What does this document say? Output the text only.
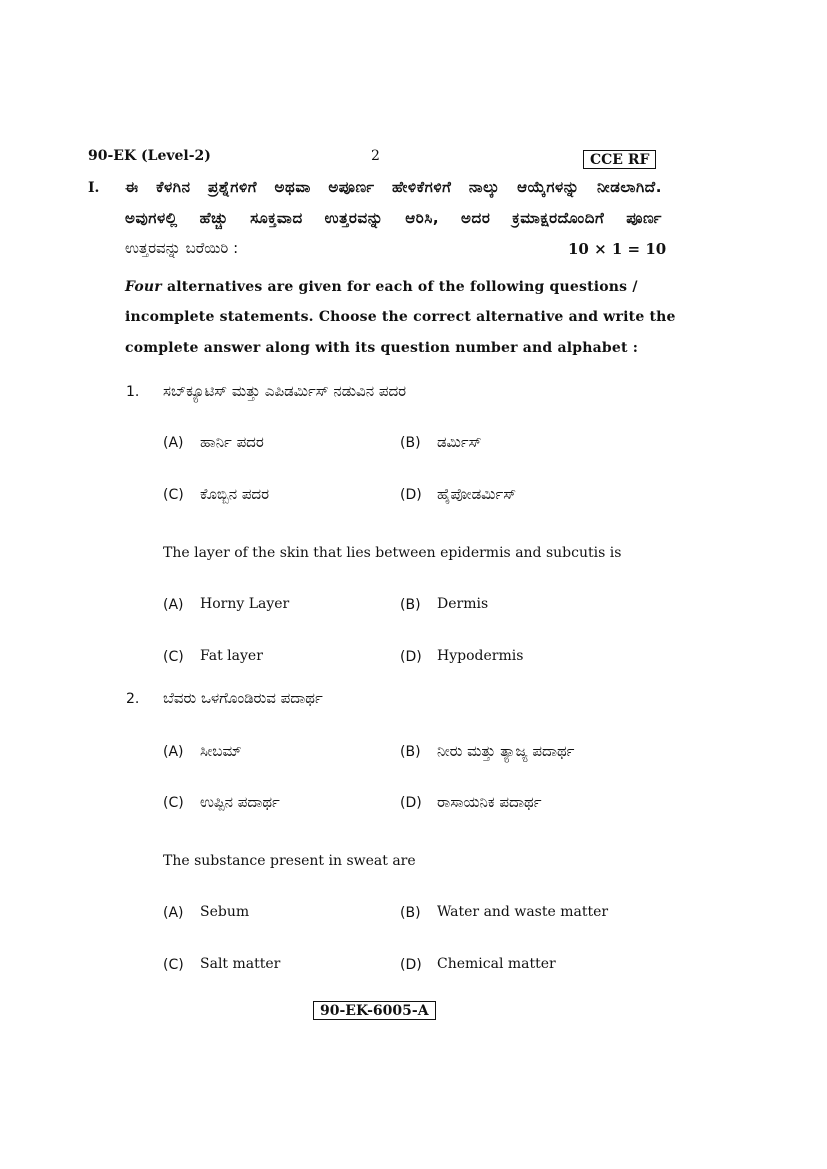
90-EK (Level-2)	2	CCE RF
I. ಈ ಕೆಳಗಿನ ಪ್ರಶ್ನೆಗಳಿಗೆ ಅಥವಾ ಅಪೂರ್ಣ ಹೇಳಿಕೆಗಳಿಗೆ ನಾಲ್ಕು ಆಯ್ಕೆಗಳನ್ನು ನೀಡಲಾಗಿದೆ.
ಅವುಗಳಲ್ಲಿ ಹೆಚ್ಚು ಸೂಕ್ತವಾದ ಉತ್ತರವನ್ನು ಆರಿಸಿ, ಅದರ ಕ್ರಮಾಕ್ಷರದೊಂದಿಗೆ ಪೂರ್ಣ
ಉತ್ತರವನ್ನು ಬರೆಯಿರಿ :	10 × 1 = 10
Four alternatives are given for each of the following questions /
incomplete statements. Choose the correct alternative and write the
complete answer along with its question number and alphabet :
1. ಸಬ್‌ಕ್ಯೂಟಿಸ್ ಮತ್ತು ಎಪಿಡರ್ಮಿಸ್ ನಡುವಿನ ಪದರ
(A) ಹಾರ್ನಿ ಪದರ	(B) ಡರ್ಮಿಸ್
(C) ಕೊಬ್ಬಿನ ಪದರ	(D) ಹೈಪೋಡರ್ಮಿಸ್
The layer of the skin that lies between epidermis and subcutis is
(A) Horny Layer	(B) Dermis
(C) Fat layer	(D) Hypodermis
2. ಬೆವರು ಒಳಗೊಂಡಿರುವ ಪದಾರ್ಥ
(A) ಸೀಬಮ್	(B) ನೀರು ಮತ್ತು ತ್ಯಾಜ್ಯ ಪದಾರ್ಥ
(C) ಉಪ್ಪಿನ ಪದಾರ್ಥ	(D) ರಾಸಾಯನಿಕ ಪದಾರ್ಥ
The substance present in sweat are
(A) Sebum	(B) Water and waste matter
(C) Salt matter	(D) Chemical matter
90-EK-6005-A
